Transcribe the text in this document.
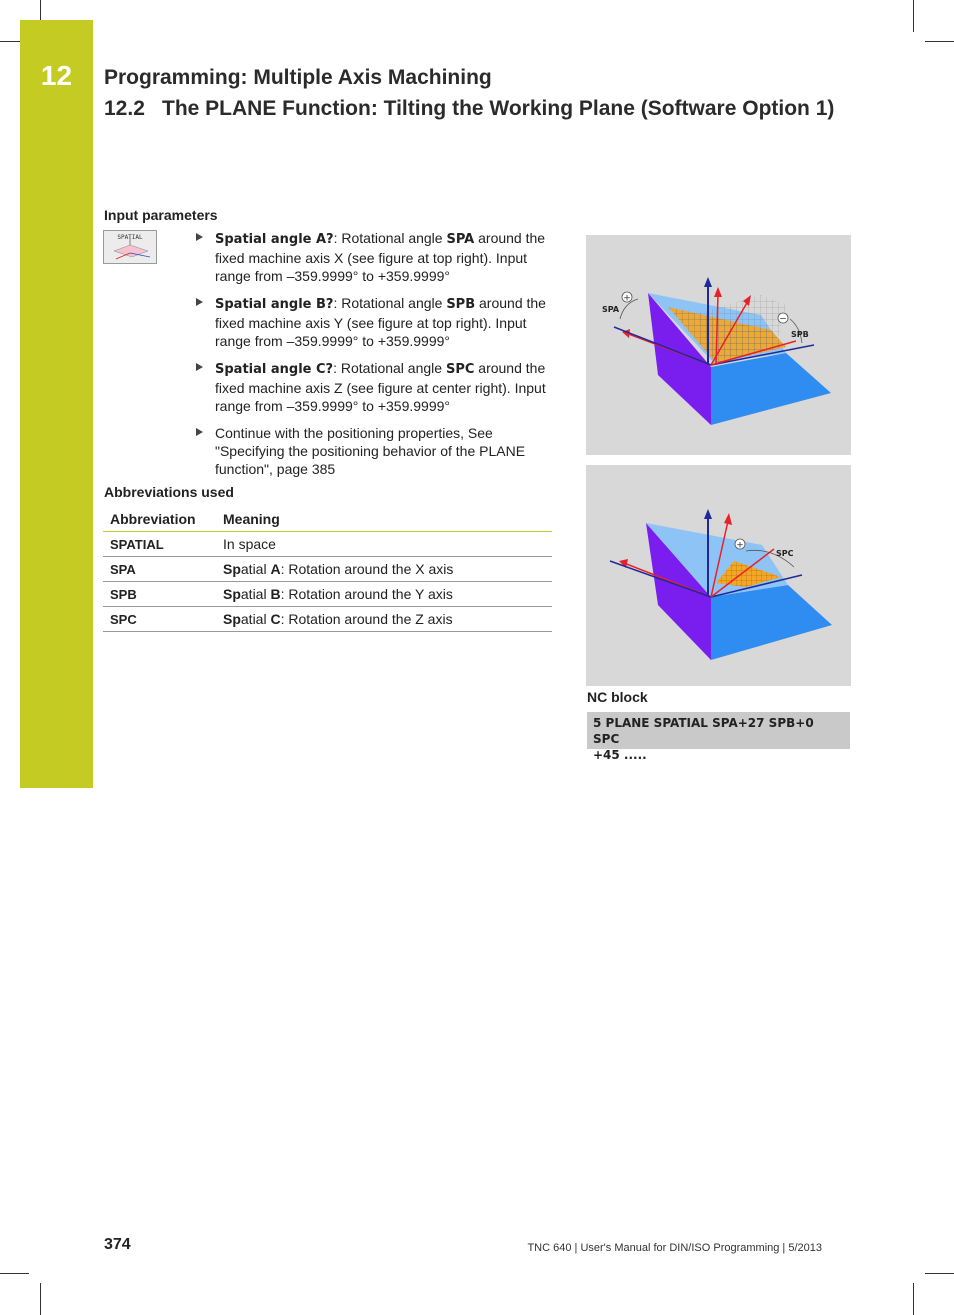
12	Programming: Multiple Axis Machining
12.2 The PLANE Function: Tilting the Working Plane (Software Option 1)
Input parameters
SPATIAL	Spatial angle A?: Rotational angle SPA around the fixed machine axis X (see figure at top right). Input range from –359.9999° to +359.9999°
Spatial angle B?: Rotational angle SPB around the fixed machine axis Y (see figure at top right). Input range from –359.9999° to +359.9999°
Spatial angle C?: Rotational angle SPC around the fixed machine axis Z (see figure at center right). Input range from –359.9999° to +359.9999°
Continue with the positioning properties, See "Specifying the positioning behavior of the PLANE function", page 385
Abbreviations used
Abbreviation	Meaning
SPATIAL	In space
SPA	Spatial A: Rotation around the X axis
SPB	Spatial B: Rotation around the Y axis
SPC	Spatial C: Rotation around the Z axis
+
−
SPA
SPB
+
SPC
NC block
5 PLANE SPATIAL SPA+27 SPB+0 SPC
+45 .....
374	TNC 640 | User's Manual for DIN/ISO Programming | 5/2013
